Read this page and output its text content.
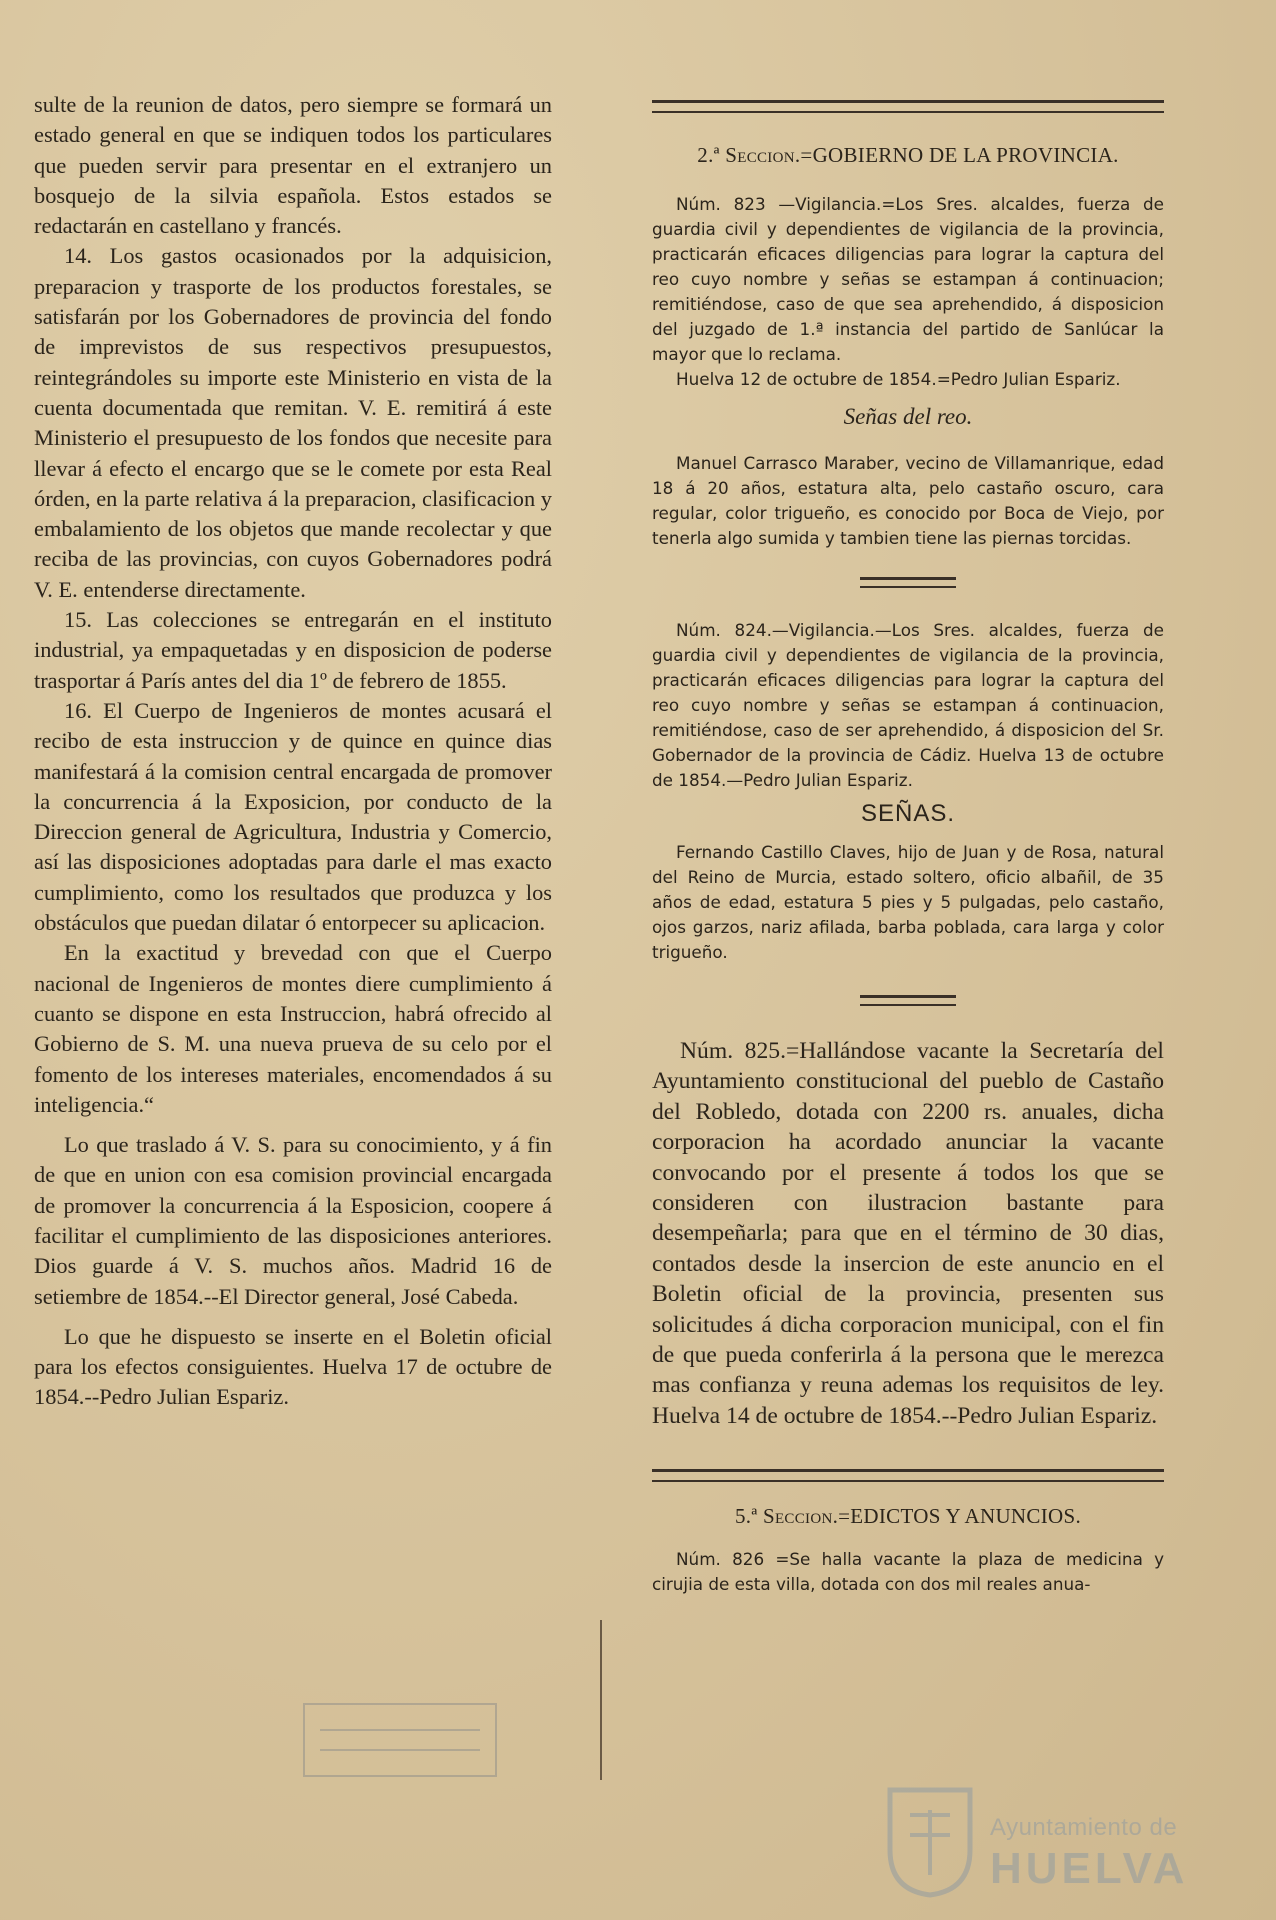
sulte de la reunion de datos, pero siempre se formará un estado general en que se indiquen todos los particulares que pueden servir para presentar en el extranjero un bosquejo de la silvia española. Estos estados se redactarán en castellano y francés.

14. Los gastos ocasionados por la adquisicion, preparacion y trasporte de los productos forestales, se satisfarán por los Gobernadores de provincia del fondo de imprevistos de sus respectivos presupuestos, reintegrándoles su importe este Ministerio en vista de la cuenta documentada que remitan. V. E. remitirá á este Ministerio el presupuesto de los fondos que necesite para llevar á efecto el encargo que se le comete por esta Real órden, en la parte relativa á la preparacion, clasificacion y embalamiento de los objetos que mande recolectar y que reciba de las provincias, con cuyos Gobernadores podrá V. E. entenderse directamente.

15. Las colecciones se entregarán en el instituto industrial, ya empaquetadas y en disposicion de poderse trasportar á París antes del dia 1º de febrero de 1855.

16. El Cuerpo de Ingenieros de montes acusará el recibo de esta instruccion y de quince en quince dias manifestará á la comision central encargada de promover la concurrencia á la Exposicion, por conducto de la Direccion general de Agricultura, Industria y Comercio, así las disposiciones adoptadas para darle el mas exacto cumplimiento, como los resultados que produzca y los obstáculos que puedan dilatar ó entorpecer su aplicacion.

En la exactitud y brevedad con que el Cuerpo nacional de Ingenieros de montes diere cumplimiento á cuanto se dispone en esta Instruccion, habrá ofrecido al Gobierno de S. M. una nueva prueva de su celo por el fomento de los intereses materiales, encomendados á su inteligencia.“

Lo que traslado á V. S. para su conocimiento, y á fin de que en union con esa comision provincial encargada de promover la concurrencia á la Esposicion, coopere á facilitar el cumplimiento de las disposiciones anteriores. Dios guarde á V. S. muchos años. Madrid 16 de setiembre de 1854.--El Director general, José Cabeda.

Lo que he dispuesto se inserte en el Boletin oficial para los efectos consiguientes. Huelva 17 de octubre de 1854.--Pedro Julian Espariz.

2.ª Seccion.=GOBIERNO DE LA PROVINCIA.

Núm. 823 —Vigilancia.=Los Sres. alcaldes, fuerza de guardia civil y dependientes de vigilancia de la provincia, practicarán eficaces diligencias para lograr la captura del reo cuyo nombre y señas se estampan á continuacion; remitiéndose, caso de que sea aprehendido, á disposicion del juzgado de 1.ª instancia del partido de Sanlúcar la mayor que lo reclama.

Huelva 12 de octubre de 1854.=Pedro Julian Espariz.

Señas del reo.

Manuel Carrasco Maraber, vecino de Villamanrique, edad 18 á 20 años, estatura alta, pelo castaño oscuro, cara regular, color trigueño, es conocido por Boca de Viejo, por tenerla algo sumida y tambien tiene las piernas torcidas.

Núm. 824.—Vigilancia.—Los Sres. alcaldes, fuerza de guardia civil y dependientes de vigilancia de la provincia, practicarán eficaces diligencias para lograr la captura del reo cuyo nombre y señas se estampan á continuacion, remitiéndose, caso de ser aprehendido, á disposicion del Sr. Gobernador de la provincia de Cádiz. Huelva 13 de octubre de 1854.—Pedro Julian Espariz.

SEÑAS.

Fernando Castillo Claves, hijo de Juan y de Rosa, natural del Reino de Murcia, estado soltero, oficio albañil, de 35 años de edad, estatura 5 pies y 5 pulgadas, pelo castaño, ojos garzos, nariz afilada, barba poblada, cara larga y color trigueño.

Núm. 825.=Hallándose vacante la Secretaría del Ayuntamiento constitucional del pueblo de Castaño del Robledo, dotada con 2200 rs. anuales, dicha corporacion ha acordado anunciar la vacante convocando por el presente á todos los que se consideren con ilustracion bastante para desempeñarla; para que en el término de 30 dias, contados desde la insercion de este anuncio en el Boletin oficial de la provincia, presenten sus solicitudes á dicha corporacion municipal, con el fin de que pueda conferirla á la persona que le merezca mas confianza y reuna ademas los requisitos de ley. Huelva 14 de octubre de 1854.--Pedro Julian Espariz.

5.ª Seccion.=EDICTOS Y ANUNCIOS.

Núm. 826 =Se halla vacante la plaza de medicina y cirujia de esta villa, dotada con dos mil reales anua-

Ayuntamiento de
HUELVA
